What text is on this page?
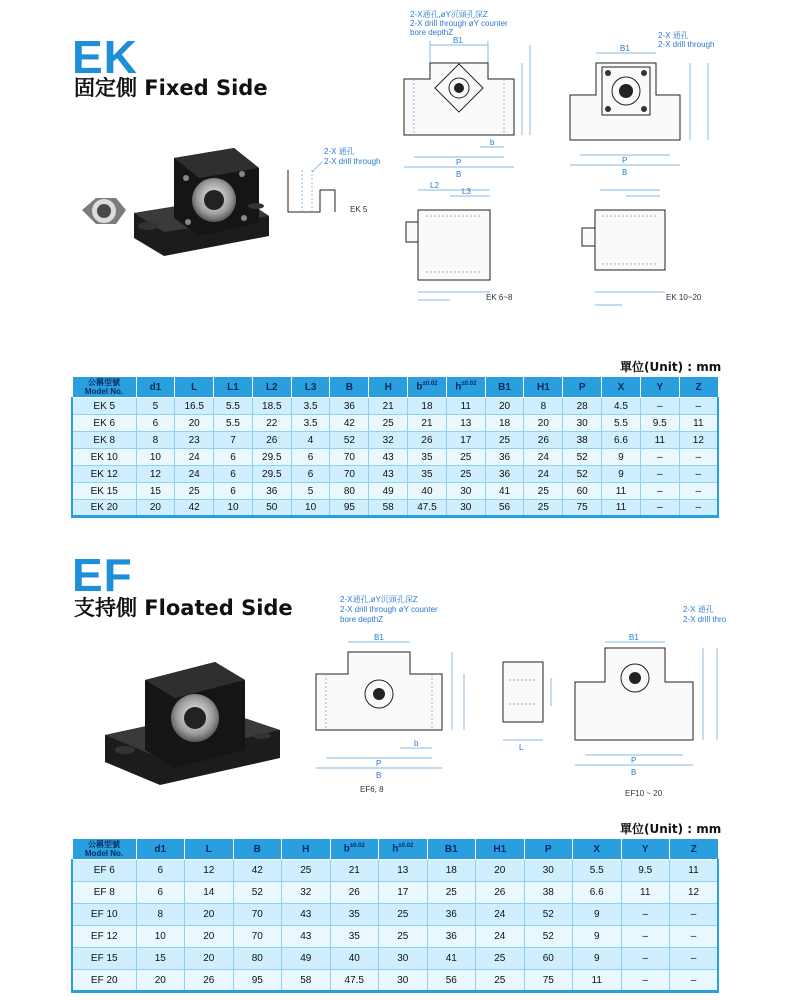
EK
固定側 Fixed Side
2-X 通孔
2-X drill through
EK 5
2-X通孔,øY沉頭孔深Z
2-X drill through øY counter
bore depthZ
B1
P
B
b
2-X 通孔
2-X drill through
B1
P
B
L2
L3
EK 6~8	EK 10~20
單位(Unit) : mm
公稱型號
Model No.	d1	L	L1	L2	L3	B	H	$b^{\pm 0.02}$	$h^{\pm 0.02}$	B1	H1	P	X	Y	Z
EK 5	5	16.5	5.5	18.5	3.5	36	21	18	11	20	8	28	4.5	–	–
EK 6	6	20	5.5	22	3.5	42	25	21	13	18	20	30	5.5	9.5	11
EK 8	8	23	7	26	4	52	32	26	17	25	26	38	6.6	11	12
EK 10	10	24	6	29.5	6	70	43	35	25	36	24	52	9	–	–
EK 12	12	24	6	29.5	6	70	43	35	25	36	24	52	9	–	–
EK 15	15	25	6	36	5	80	49	40	30	41	25	60	11	–	–
EK 20	20	42	10	50	10	95	58	47.5	30	56	25	75	11	–	–
EF
支持側 Floated Side	2-X通孔,øY沉頭孔深Z
2-X drill through øY counter
bore depthZ
B1
P
B
b
EF6, 8
L
2-X 通孔
2-X drill thro
B1
P
B
EF10 ~ 20
單位(Unit) : mm
公稱型號
Model No.	d1	L	B	H	$b^{\pm 0.02}$	$h^{\pm 0.02}$	B1	H1	P	X	Y	Z
EF 6	6	12	42	25	21	13	18	20	30	5.5	9.5	11
EF 8	6	14	52	32	26	17	25	26	38	6.6	11	12
EF 10	8	20	70	43	35	25	36	24	52	9	–	–
EF 12	10	20	70	43	35	25	36	24	52	9	–	–
EF 15	15	20	80	49	40	30	41	25	60	9	–	–
EF 20	20	26	95	58	47.5	30	56	25	75	11	–	–
